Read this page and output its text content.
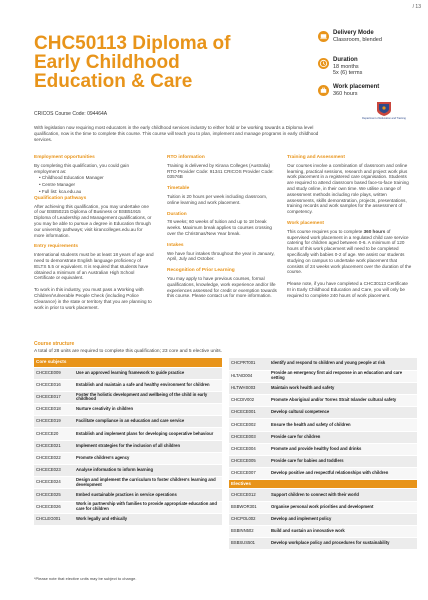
/ 13
CHC50113 Diploma of Early Childhood Education & Care
CRICOS Course Code: 094464A
With legislation now requiring most educators in the early childhood services industry to either hold or be working towards a Diploma level qualification, now is the time to complete this course. This course will teach you to plan, implement and manage programs in early childhood services.
Delivery Mode
Classroom, blended
Duration
18 months
5x (6) terms
Work placement
360 hours
Department of Education and Training
Employment opportunities
By completing this qualification, you could gain employment as:
• Childhood Education Manager
• Centre Manager
• Full list: kca.edu.au
Qualification pathways
After achieving this qualification, you may undertake one of our BSB50215 Diploma of Business or BSB51915 Diploma of Leadership and Management qualifications, or you may be able to pursue a degree in Education through our university pathways; visit kirancolleges.edu.au for more information.
Entry requirements
International students must be at least 18 years of age and need to demonstrate English language proficiency of IELTS 5.5 or equivalent. It is required that students have obtained a minimum of an Australian High School Certificate or equivalent.
To work in this industry, you must pass a Working with Children/Vulnerable People Check (including Police Clearance) in the state or territory that you are planning to work in prior to work placement.
RTO information
Training is delivered by Kirana Colleges (Australia) RTO Provider Code: 91341 CRICOS Provider Code: 03576B
Timetable
Tuition is 20 hours per week including classroom, online learning and work placement.
Duration
78 weeks; 60 weeks of tuition and up to 18 break weeks. Maximum break applies to courses crossing over the Christmas/New Year break.
Intakes
We have four intakes throughout the year in January, April, July and October.
Recognition of Prior Learning
You may apply to have previous courses, formal qualifications, knowledge, work experience and/or life experiences assessed for credit or exemption towards this course. Please contact us for more information.
Training and Assessment
Our courses involve a combination of classroom and online learning, practical sessions, research and project work plus work placement in a registered care organisation. Students are required to attend classroom based face-to-face training and study online, in their own time. We utilise a range of assessment methods including role plays, written assessments, skills demonstration, projects, presentations, training records and work samples for the assessment of competency.
Work placement
This course requires you to complete 360 hours of supervised work placement in a regulated child care service catering for children aged between 0-6. A minimum of 120 hours of this work placement will need to be completed specifically with babies 0-2 of age. We assist our students studying on campus to undertake work placement that consists of 24 weeks work placement over the duration of the course.
Please note, if you have completed a CHC30113 Certificate III in Early Childhood Education and Care, you will only be required to complete 240 hours of work placement.
Course structure
A total of 28 units are required to complete this qualification; 23 core and 5 elective units.
Core subjects	
CHCECE009	Use an approved learning framework to guide practice
CHCECE016	Establish and maintain a safe and healthy environment for children
CHCECE017	Foster the holistic development and wellbeing of the child in early childhood
CHCECE018	Nurture creativity in children
CHCECE019	Facilitate compliance in an education and care service
CHCECE20	Establish and implement plans for developing cooperative behaviour
CHCECE021	Implement strategies for the inclusion of all children
CHCECE022	Promote children's agency
CHCECE023	Analyse information to inform learning
CHCECE024	Design and implement the curriculum to foster children's learning and development
CHCECE025	Embed sustainable practices in service operations
CHCECE026	Work in partnership with families to provide appropriate education and care for children
CHCLEG001	Work legally and ethically
CHCPRT001	Identify and respond to children and young people at risk
HLTAID004	Provide an emergency first aid response in an education and care setting
HLTWHS003	Maintain work health and safety
CHCDIV002	Promote Aboriginal and/or Torres Strait Islander cultural safety
CHCECE001	Develop cultural competence
CHCECE002	Ensure the health and safety of children
CHCECE003	Provide care for children
CHCECE004	Promote and provide healthy food and drinks
CHCECE005	Provide care for babies and toddlers
CHCECE007	Develop positive and respectful relationships with children
Electives	
CHCECE012	Support children to connect with their world
BSBWOR301	Organise personal work priorities and development
CHCPOL002	Develop and implement policy
BSBINN502	Build and sustain an innovative work
BSBSUS501	Develop workplace policy and procedures for sustainability
*Please note that elective units may be subject to change.
